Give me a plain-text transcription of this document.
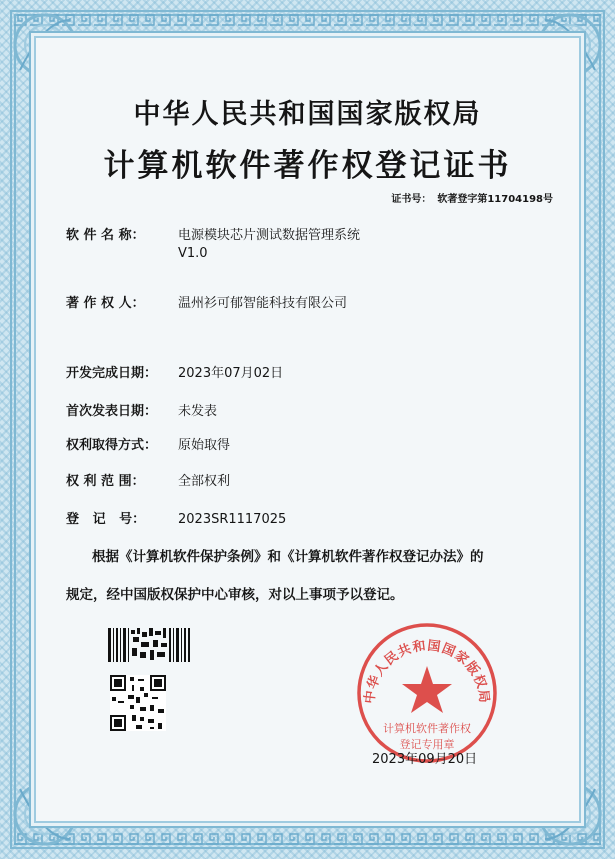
中华人民共和国国家版权局
计算机软件著作权登记证书
证书号： 软著登字第11704198号
软 件 名 称：	电源模块芯片测试数据管理系统
V1.0
著 作 权 人：	温州衫可郁智能科技有限公司
开发完成日期： 2023年07月02日
首次发表日期： 未发表
权利取得方式： 原始取得
权 利 范 围：	全部权利
登   记   号：	2023SR1117025
根据《计算机软件保护条例》和《计算机软件著作权登记办法》的
规定，经中国版权保护中心审核，对以上事项予以登记。
中华人民共和国国家版权局
计算机软件著作权
登记专用章
2023年09月20日
